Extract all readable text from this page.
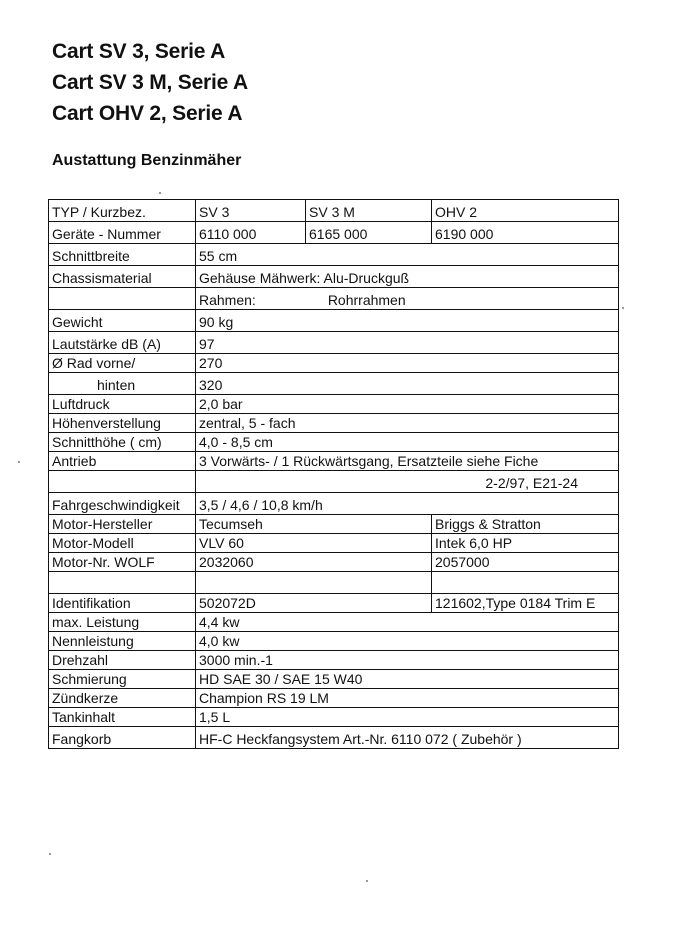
Cart SV 3, Serie A
Cart SV 3 M, Serie A
Cart OHV 2, Serie A
Austattung Benzinmäher
TYP / Kurzbez.	SV 3	SV 3 M	OHV 2
Geräte - Nummer	6110 000	6165 000	6190 000
Schnittbreite	55 cm		
Chassismaterial	Gehäuse Mähwerk: Alu-Druckguß		
	Rahmen: Rohrrahmen		
Gewicht	90 kg		
Lautstärke dB (A)	97		
Ø Rad vorne/	270		
hinten	320		
Luftdruck	2,0 bar		
Höhenverstellung	zentral, 5 - fach		
Schnitthöhe ( cm)	4,0 - 8,5 cm		
Antrieb	3 Vorwärts- / 1 Rückwärtsgang, Ersatzteile siehe Fiche		
	2-2/97, E21-24		
Fahrgeschwindigkeit	3,5 / 4,6 / 10,8 km/h		
Motor-Hersteller	Tecumseh		Briggs & Stratton
Motor-Modell	VLV 60		Intek 6,0 HP
Motor-Nr. WOLF	2032060		2057000

Identifikation	502072D		121602,Type 0184 Trim E
max. Leistung	4,4 kw		
Nennleistung	4,0 kw		
Drehzahl	3000 min.-1		
Schmierung	HD SAE 30 / SAE 15 W40		
Zündkerze	Champion RS 19 LM		
Tankinhalt	1,5 L		
Fangkorb	HF-C Heckfangsystem Art.-Nr. 6110 072 ( Zubehör )		
